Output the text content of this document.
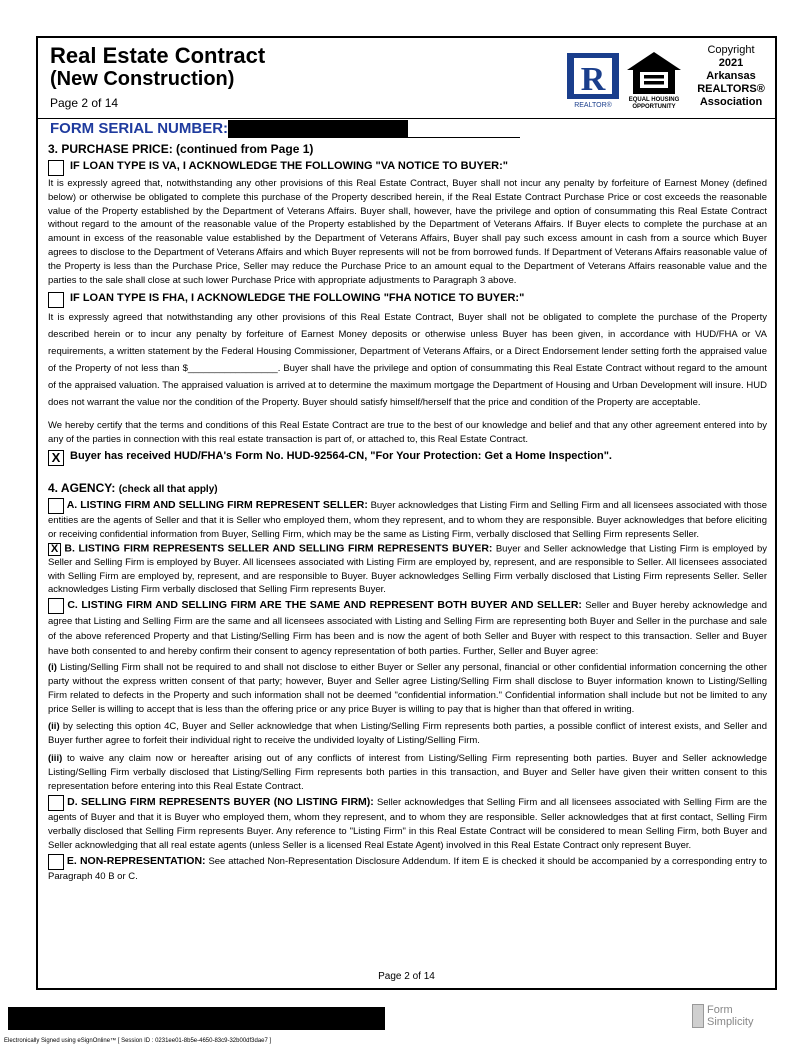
Real Estate Contract
(New Construction)
Page 2 of 14
R
REALTOR®
EQUAL HOUSING
OPPORTUNITY
Copyright
2021
Arkansas
REALTORS®
Association
FORM SERIAL NUMBER:

3. PURCHASE PRICE: (continued from Page 1)

IF LOAN TYPE IS VA, I ACKNOWLEDGE THE FOLLOWING "VA NOTICE TO BUYER:"

It is expressly agreed that, notwithstanding any other provisions of this Real Estate Contract, Buyer shall not incur any penalty by forfeiture of Earnest Money (defined below) or otherwise be obligated to complete this purchase of the Property described herein, if the Real Estate Contract Purchase Price or cost exceeds the reasonable value of the Property established by the Department of Veterans Affairs. Buyer shall, however, have the privilege and option of consummating this Real Estate Contract without regard to the amount of the reasonable value of the Property established by the Department of Veterans Affairs. If Buyer elects to complete the purchase at an amount in excess of the reasonable value established by the Department of Veterans Affairs, Buyer shall pay such excess amount in cash from a source which Buyer agrees to disclose to the Department of Veterans Affairs and which Buyer represents will not be from borrowed funds. If Department of Veterans Affairs reasonable value of the Property is less than the Purchase Price, Seller may reduce the Purchase Price to an amount equal to the Department of Veterans Affairs reasonable value and the parties to the sale shall close at such lower Purchase Price with appropriate adjustments to Paragraph 3 above.

IF LOAN TYPE IS FHA, I ACKNOWLEDGE THE FOLLOWING "FHA NOTICE TO BUYER:"

It is expressly agreed that notwithstanding any other provisions of this Real Estate Contract, Buyer shall not be obligated to complete the purchase of the Property described herein or to incur any penalty by forfeiture of Earnest Money deposits or otherwise unless Buyer has been given, in accordance with HUD/FHA or VA requirements, a written statement by the Federal Housing Commissioner, Department of Veterans Affairs, or a Direct Endorsement lender setting forth the appraised value of the Property of not less than $_________________. Buyer shall have the privilege and option of consummating this Real Estate Contract without regard to the amount of the appraised valuation. The appraised valuation is arrived at to determine the maximum mortgage the Department of Housing and Urban Development will insure. HUD does not warrant the value nor the condition of the Property. Buyer should satisfy himself/herself that the price and condition of the Property are acceptable.

We hereby certify that the terms and conditions of this Real Estate Contract are true to the best of our knowledge and belief and that any other agreement entered into by any of the parties in connection with this real estate transaction is part of, or attached to, this Real Estate Contract.

X Buyer has received HUD/FHA's Form No. HUD-92564-CN, "For Your Protection: Get a Home Inspection".

4. AGENCY: (check all that apply)

A. LISTING FIRM AND SELLING FIRM REPRESENT SELLER: Buyer acknowledges that Listing Firm and Selling Firm and all licensees associated with those entities are the agents of Seller and that it is Seller who employed them, whom they represent, and to whom they are responsible. Buyer acknowledges that before eliciting or receiving confidential information from Buyer, Selling Firm, which may be the same as Listing Firm, verbally disclosed that Selling Firm represents Seller.

X B. LISTING FIRM REPRESENTS SELLER AND SELLING FIRM REPRESENTS BUYER: Buyer and Seller acknowledge that Listing Firm is employed by Seller and Selling Firm is employed by Buyer. All licensees associated with Listing Firm are employed by, represent, and are responsible to Seller. All licensees associated with Selling Firm are employed by, represent, and are responsible to Buyer. Buyer acknowledges Selling Firm verbally disclosed that Listing Firm represents Seller. Seller acknowledges Listing Firm verbally disclosed that Selling Firm represents Buyer.

C. LISTING FIRM AND SELLING FIRM ARE THE SAME AND REPRESENT BOTH BUYER AND SELLER: Seller and Buyer hereby acknowledge and agree that Listing and Selling Firm are the same and all licensees associated with Listing and Selling Firm are representing both Buyer and Seller in the purchase and sale of the above referenced Property and that Listing/Selling Firm has been and is now the agent of both Seller and Buyer with respect to this transaction. Seller and Buyer have both consented to and hereby confirm their consent to agency representation of both parties. Further, Seller and Buyer agree:

(i) Listing/Selling Firm shall not be required to and shall not disclose to either Buyer or Seller any personal, financial or other confidential information concerning the other party without the express written consent of that party; however, Buyer and Seller agree Listing/Selling Firm shall disclose to Buyer information known to Listing/Selling Firm related to defects in the Property and such information shall not be deemed "confidential information." Confidential information shall include but not be limited to any price Seller is willing to accept that is less than the offering price or any price Buyer is willing to pay that is higher than that offered in writing.

(ii) by selecting this option 4C, Buyer and Seller acknowledge that when Listing/Selling Firm represents both parties, a possible conflict of interest exists, and Seller and Buyer further agree to forfeit their individual right to receive the undivided loyalty of Listing/Selling Firm.

(iii) to waive any claim now or hereafter arising out of any conflicts of interest from Listing/Selling Firm representing both parties. Buyer and Seller acknowledge Listing/Selling Firm verbally disclosed that Listing/Selling Firm represents both parties in this transaction, and Buyer and Seller have given their written consent to this representation before entering into this Real Estate Contract.

D. SELLING FIRM REPRESENTS BUYER (NO LISTING FIRM): Seller acknowledges that Selling Firm and all licensees associated with Selling Firm are the agents of Buyer and that it is Buyer who employed them, whom they represent, and to whom they are responsible. Seller acknowledges that at first contact, Selling Firm verbally disclosed that Selling Firm represents Buyer. Any reference to "Listing Firm" in this Real Estate Contract will be considered to mean Selling Firm, both Buyer and Seller acknowledging that all real estate agents (unless Seller is a licensed Real Estate Agent) involved in this Real Estate Contract only represent Buyer.

E. NON-REPRESENTATION: See attached Non-Representation Disclosure Addendum. If item E is checked it should be accompanied by a corresponding entry to Paragraph 40 B or C.

Page 2 of 14
Electronically Signed using eSignOnline™ [ Session ID : 0231ee01-8b5e-4650-83c9-32b00df3dae7 ]
Form
Simplicity
